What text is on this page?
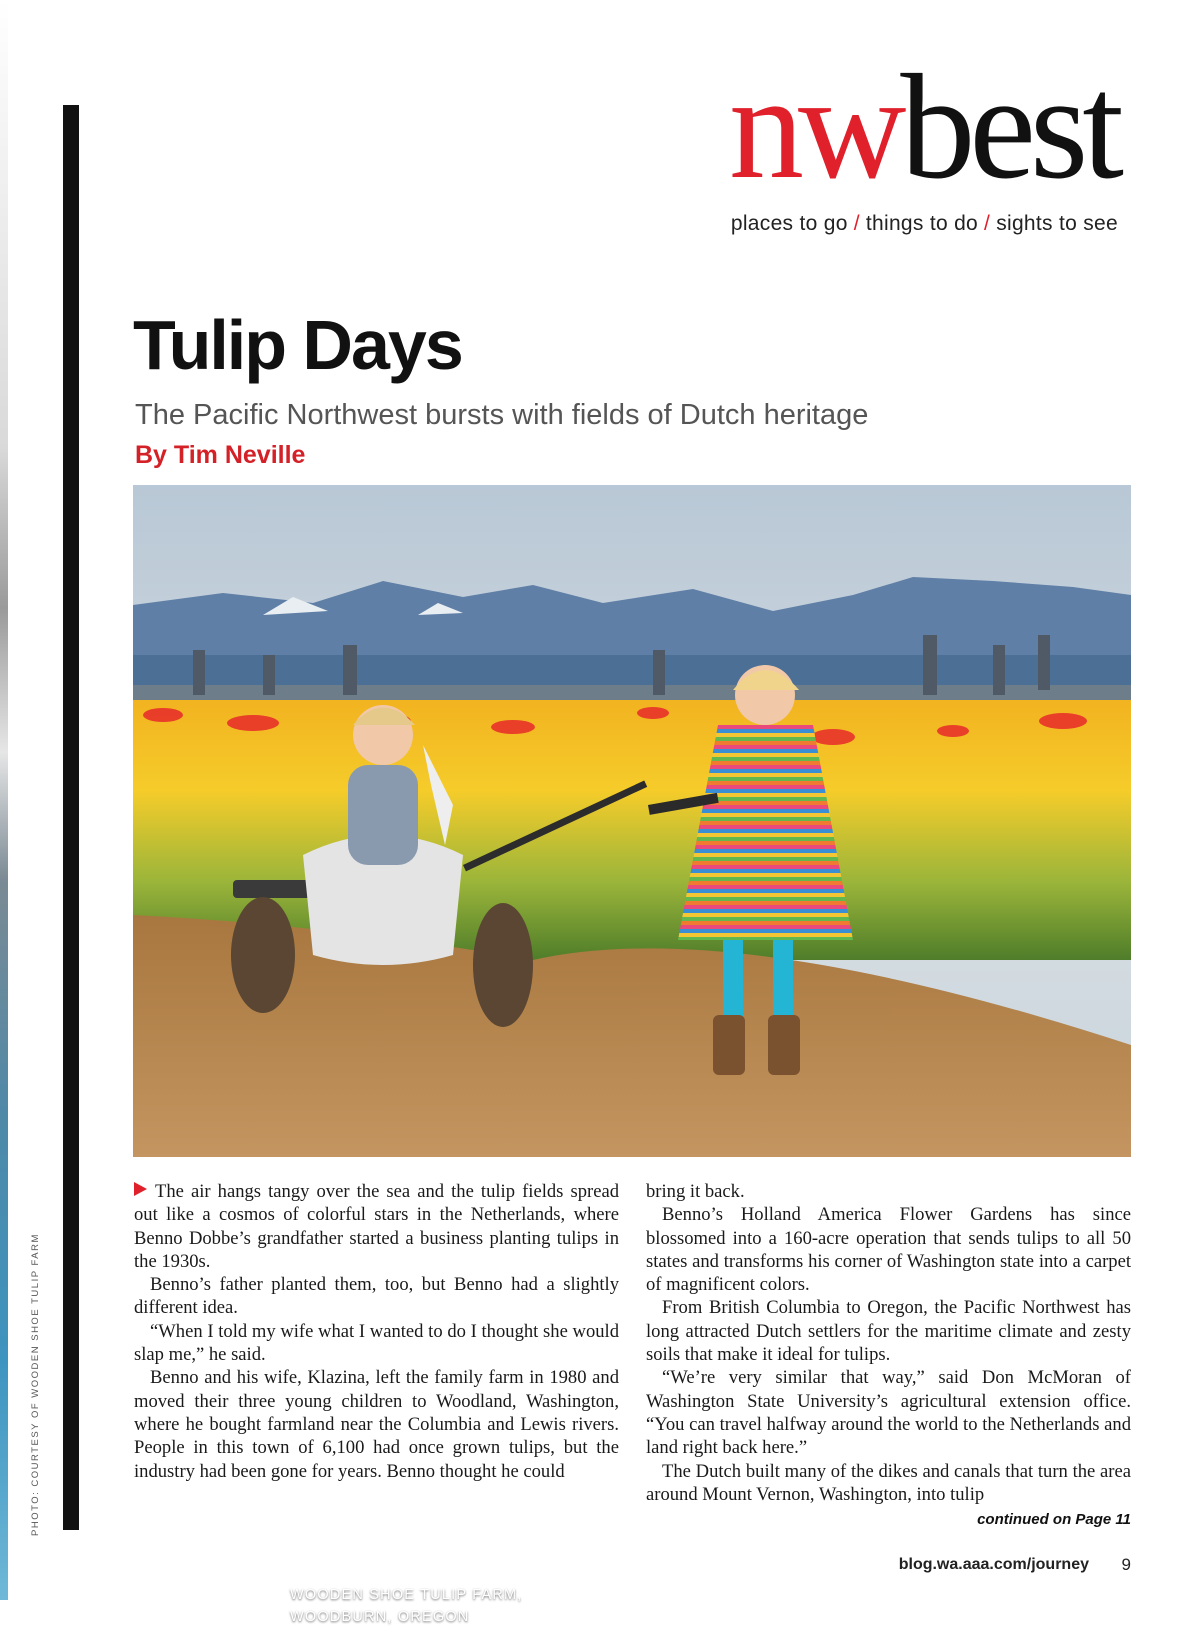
PHOTO: COURTESY OF WOODEN SHOE TULIP FARM
nwbest
places to go / things to do / sights to see
Tulip Days
The Pacific Northwest bursts with fields of Dutch heritage
By Tim Neville
WOODEN SHOE TULIP FARM,
WOODBURN, OREGON

The air hangs tangy over the sea and the tulip fields spread out like a cosmos of colorful stars in the Netherlands, where Benno Dobbe’s grandfather started a business planting tulips in the 1930s.

Benno’s father planted them, too, but Benno had a slightly different idea.

“When I told my wife what I wanted to do I thought she would slap me,” he said.

Benno and his wife, Klazina, left the family farm in 1980 and moved their three young children to Woodland, Washington, where he bought farmland near the Columbia and Lewis rivers. People in this town of 6,100 had once grown tulips, but the industry had been gone for years. Benno thought he could

bring it back.

Benno’s Holland America Flower Gardens has since blossomed into a 160-acre operation that sends tulips to all 50 states and transforms his corner of Washington state into a carpet of magnificent colors.

From British Columbia to Oregon, the Pacific Northwest has long attracted Dutch settlers for the maritime climate and zesty soils that make it ideal for tulips.

“We’re very similar that way,” said Don McMoran of Washington State University’s agricultural extension office. “You can travel halfway around the world to the Netherlands and land right back here.”

The Dutch built many of the dikes and canals that turn the area around Mount Vernon, Washington, into tulip

continued on Page 11
blog.wa.aaa.com/journey 9
